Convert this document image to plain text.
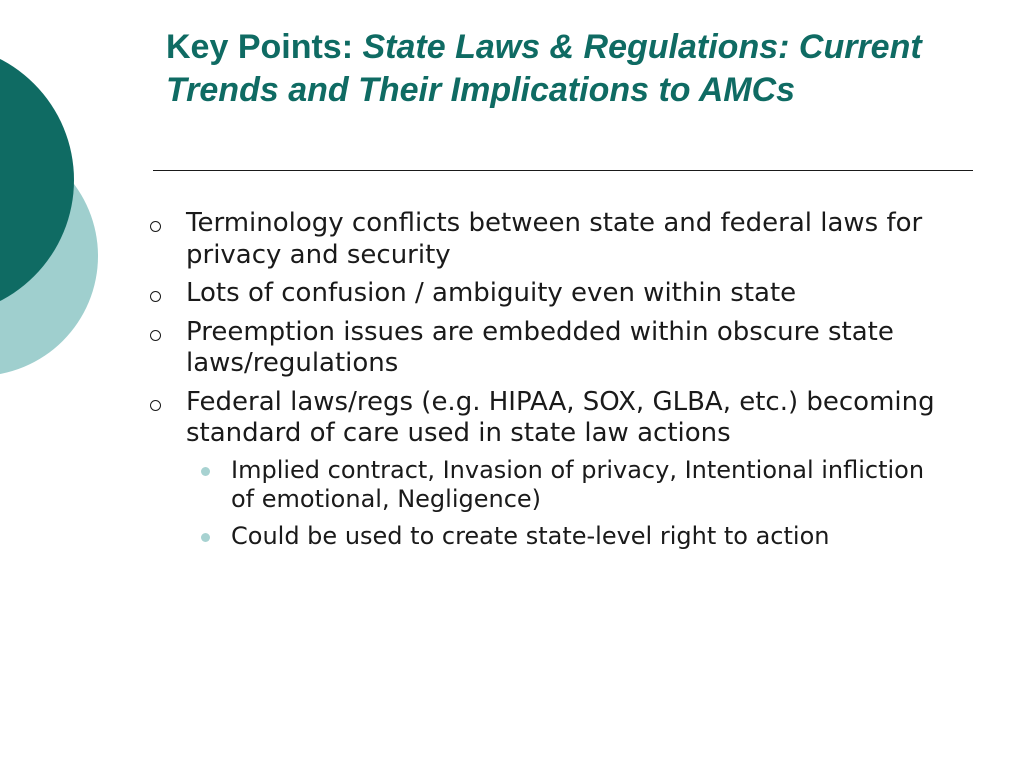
Key Points: State Laws & Regulations: Current Trends and Their Implications to AMCs
Terminology conflicts between state and federal laws for privacy and security
Lots of confusion / ambiguity even within state
Preemption issues are embedded within obscure state laws/regulations
Federal laws/regs (e.g. HIPAA, SOX, GLBA, etc.) becoming standard of care used in state law actions
Implied contract, Invasion of privacy, Intentional infliction of emotional, Negligence)
Could be used to create state-level right to action
